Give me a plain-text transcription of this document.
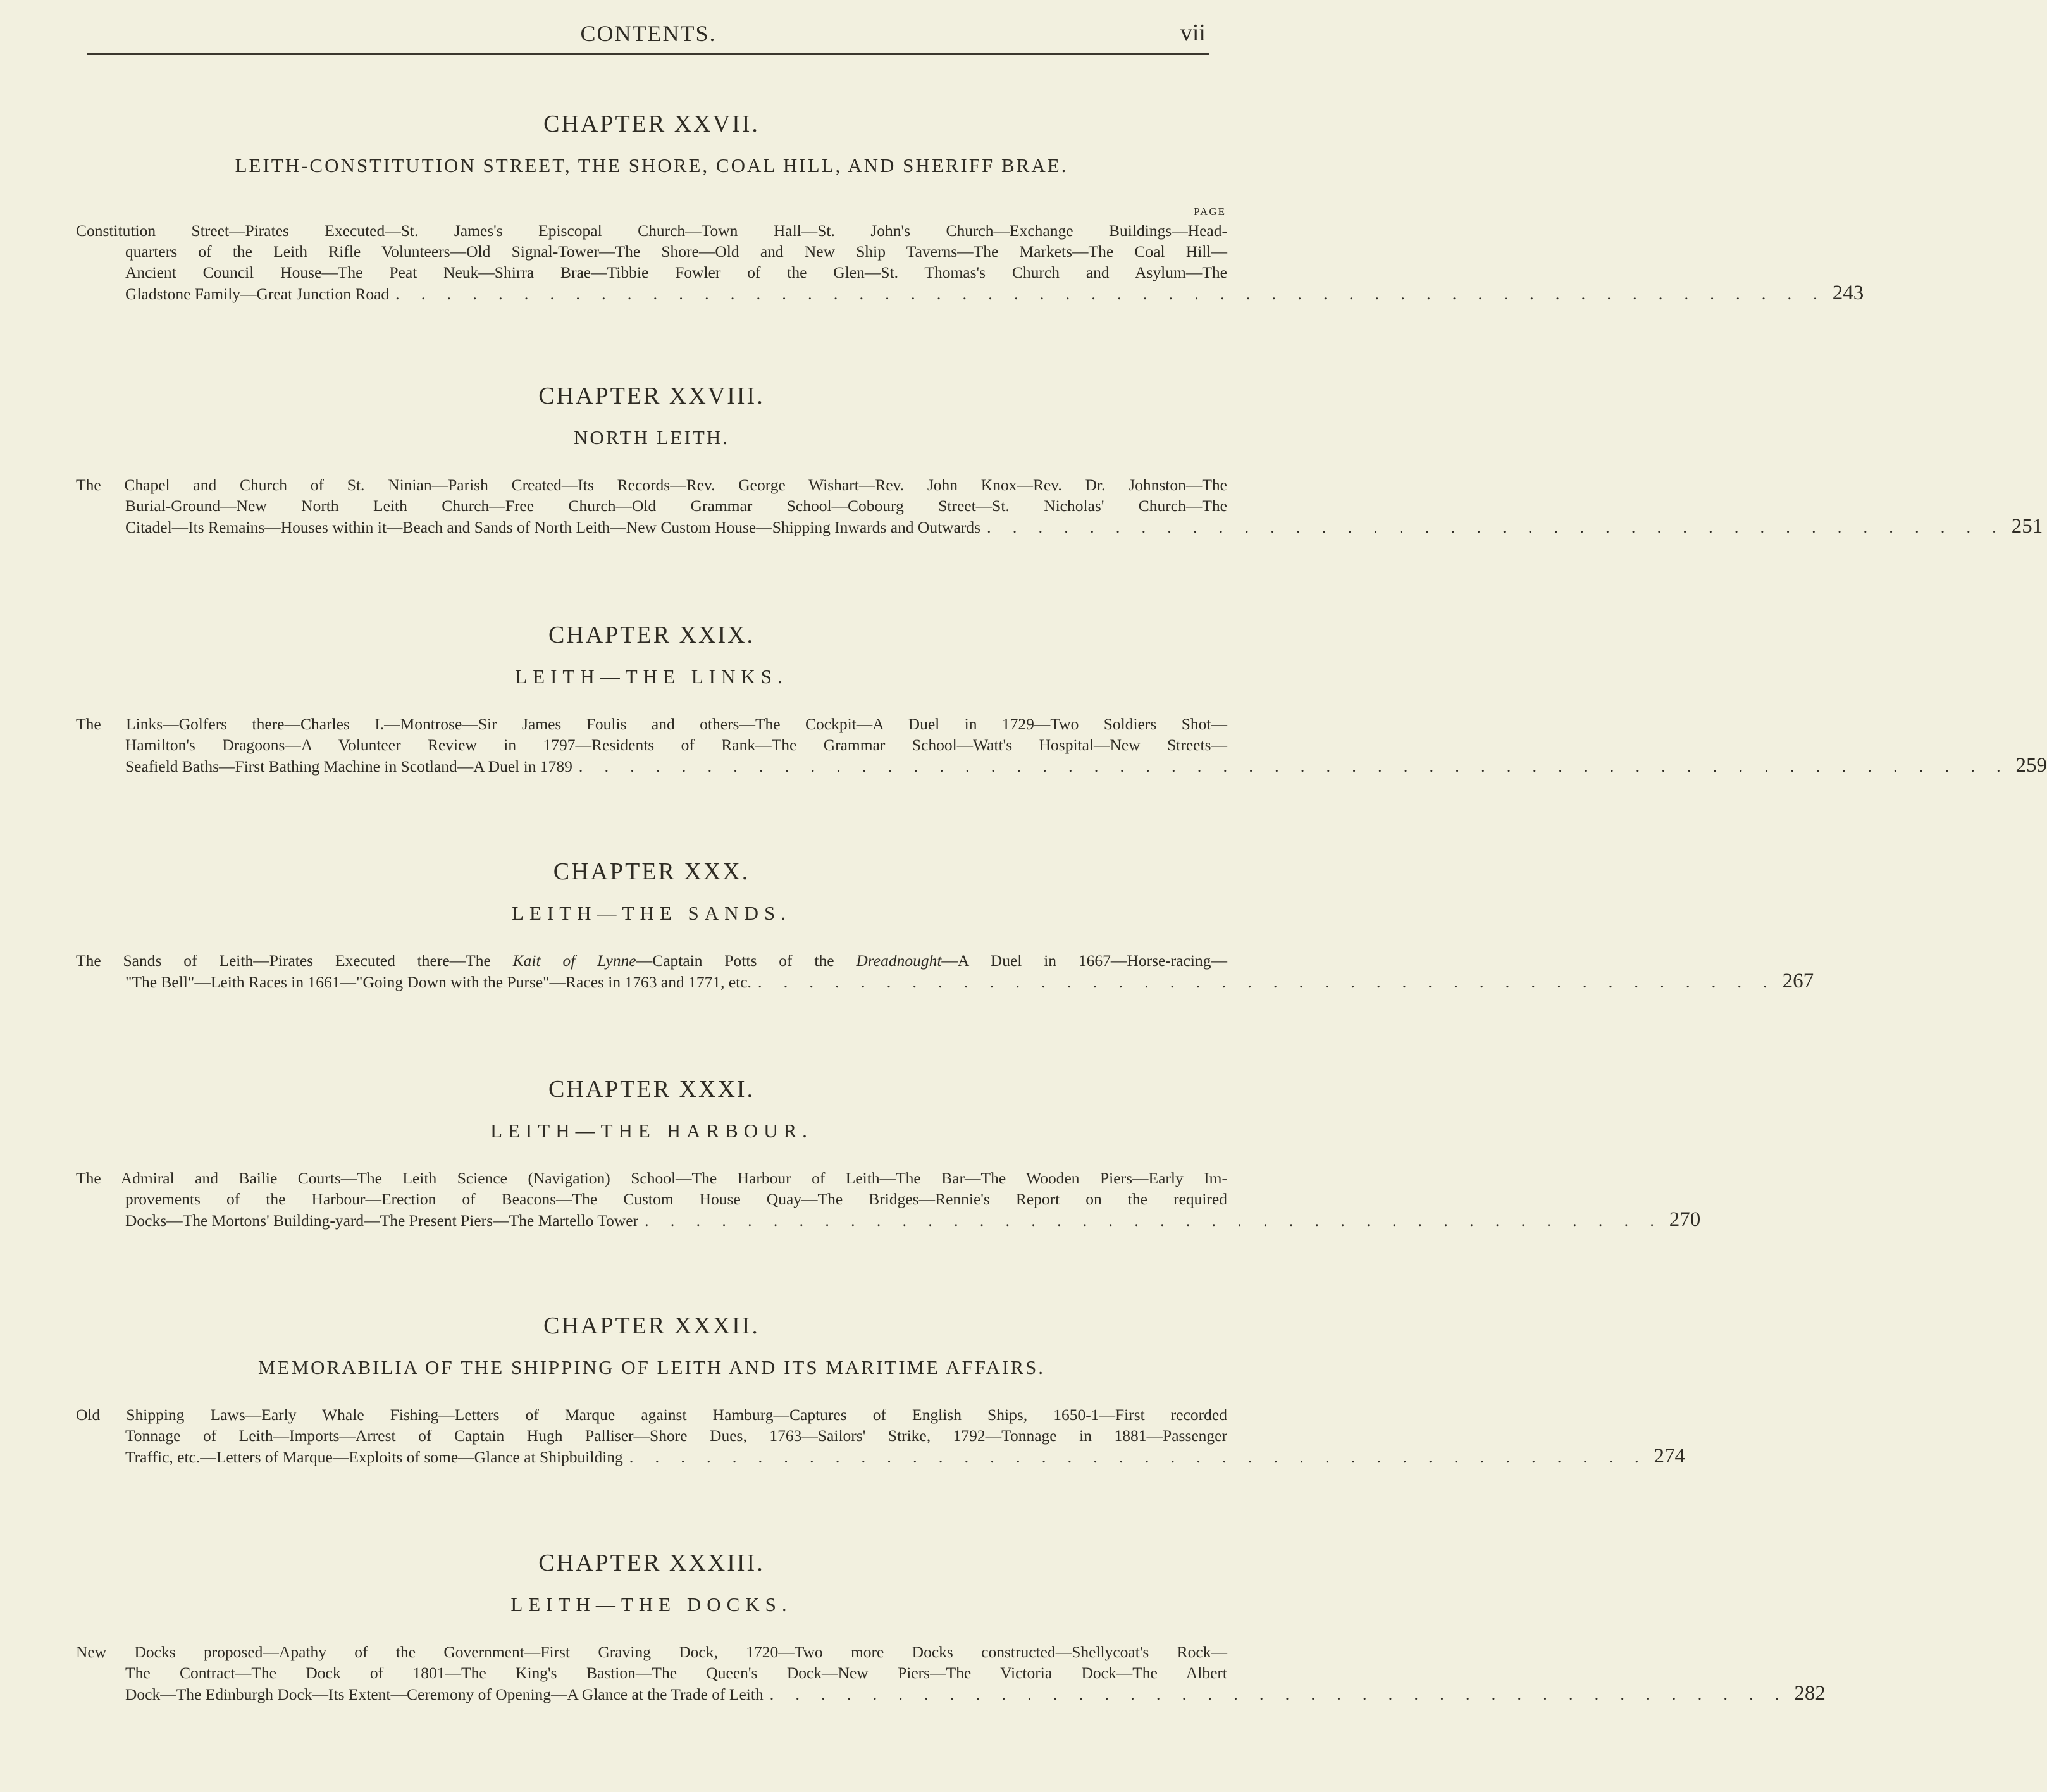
CONTENTS.	vii
CHAPTER XXVII.
LEITH-CONSTITUTION STREET, THE SHORE, COAL HILL, AND SHERIFF BRAE.
PAGE
Constitution Street—Pirates Executed—St. James's Episcopal Church—Town Hall—St. John's Church—Exchange Buildings—Head-
quarters of the Leith Rifle Volunteers—Old Signal-Tower—The Shore—Old and New Ship Taverns—The Markets—The Coal Hill—
Ancient Council House—The Peat Neuk—Shirra Brae—Tibbie Fowler of the Glen—St. Thomas's Church and Asylum—The
Gladstone Family—Great Junction Road . . . . . . . . . . . . . . . . . . . . . . . . . . . . . . . . . . . . . . . . . . . . . . . . . . . . . . . . 243
CHAPTER XXVIII.
NORTH LEITH.
The Chapel and Church of St. Ninian—Parish Created—Its Records—Rev. George Wishart—Rev. John Knox—Rev. Dr. Johnston—The
Burial-Ground—New North Leith Church—Free Church—Old Grammar School—Cobourg Street—St. Nicholas' Church—The
Citadel—Its Remains—Houses within it—Beach and Sands of North Leith—New Custom House—Shipping Inwards and Outwards . . . . . . . . . . . . . . . . . . . . . . . . . . . . . . . . . . . . . . . . 251
CHAPTER XXIX.
LEITH—THE LINKS.
The Links—Golfers there—Charles I.—Montrose—Sir James Foulis and others—The Cockpit—A Duel in 1729—Two Soldiers Shot—
Hamilton's Dragoons—A Volunteer Review in 1797—Residents of Rank—The Grammar School—Watt's Hospital—New Streets—
Seafield Baths—First Bathing Machine in Scotland—A Duel in 1789 . . . . . . . . . . . . . . . . . . . . . . . . . . . . . . . . . . . . . . . . . . . . . . . . . . . . . . . . 259
CHAPTER XXX.
LEITH—THE SANDS.
The Sands of Leith—Pirates Executed there—The Kait of Lynne—Captain Potts of the Dreadnought—A Duel in 1667—Horse-racing—
"The Bell"—Leith Races in 1661—"Going Down with the Purse"—Races in 1763 and 1771, etc. . . . . . . . . . . . . . . . . . . . . . . . . . . . . . . . . . . . . . . . . 267
CHAPTER XXXI.
LEITH—THE HARBOUR.
The Admiral and Bailie Courts—The Leith Science (Navigation) School—The Harbour of Leith—The Bar—The Wooden Piers—Early Im-
provements of the Harbour—Erection of Beacons—The Custom House Quay—The Bridges—Rennie's Report on the required
Docks—The Mortons' Building-yard—The Present Piers—The Martello Tower . . . . . . . . . . . . . . . . . . . . . . . . . . . . . . . . . . . . . . . . 270
CHAPTER XXXII.
MEMORABILIA OF THE SHIPPING OF LEITH AND ITS MARITIME AFFAIRS.
Old Shipping Laws—Early Whale Fishing—Letters of Marque against Hamburg—Captures of English Ships, 1650-1—First recorded
Tonnage of Leith—Imports—Arrest of Captain Hugh Palliser—Shore Dues, 1763—Sailors' Strike, 1792—Tonnage in 1881—Passenger
Traffic, etc.—Letters of Marque—Exploits of some—Glance at Shipbuilding . . . . . . . . . . . . . . . . . . . . . . . . . . . . . . . . . . . . . . . . 274
CHAPTER XXXIII.
LEITH—THE DOCKS.
New Docks proposed—Apathy of the Government—First Graving Dock, 1720—Two more Docks constructed—Shellycoat's Rock—
The Contract—The Dock of 1801—The King's Bastion—The Queen's Dock—New Piers—The Victoria Dock—The Albert
Dock—The Edinburgh Dock—Its Extent—Ceremony of Opening—A Glance at the Trade of Leith . . . . . . . . . . . . . . . . . . . . . . . . . . . . . . . . . . . . . . . . 282
